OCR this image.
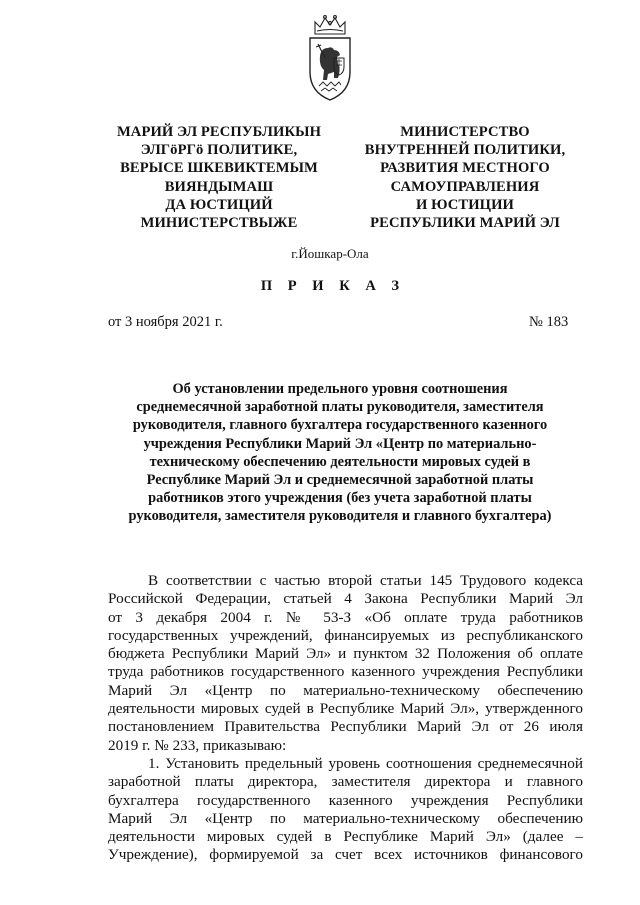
МАРИЙ ЭЛ РЕСПУБЛИКЫН
ЭЛГӧРГӧ ПОЛИТИКЕ,
ВЕРЫСЕ ШКЕВИКТЕМЫМ
ВИЯНДЫМАШ
ДА ЮСТИЦИЙ
МИНИСТЕРСТВЫЖЕ
МИНИСТЕРСТВО
ВНУТРЕННЕЙ ПОЛИТИКИ,
РАЗВИТИЯ МЕСТНОГО
САМОУПРАВЛЕНИЯ
И ЮСТИЦИИ
РЕСПУБЛИКИ МАРИЙ ЭЛ
г.Йошкар-Ола
П Р И К А З
от 3 ноября 2021 г.	№ 183
Об установлении предельного уровня соотношения
среднемесячной заработной платы руководителя, заместителя
руководителя, главного бухгалтера государственного казенного
учреждения Республики Марий Эл «Центр по материально-
техническому обеспечению деятельности мировых судей в
Республике Марий Эл и среднемесячной заработной платы
работников этого учреждения (без учета заработной платы
руководителя, заместителя руководителя и главного бухгалтера)
В соответствии с частью второй статьи 145 Трудового кодекса
Российской Федерации, статьей 4 Закона Республики Марий Эл
от 3 декабря 2004 г. № 53-З «Об оплате труда работников
государственных учреждений, финансируемых из республиканского
бюджета Республики Марий Эл» и пунктом 32 Положения об оплате
труда работников государственного казенного учреждения Республики
Марий Эл «Центр по материально-техническому обеспечению
деятельности мировых судей в Республике Марий Эл», утвержденного
постановлением Правительства Республики Марий Эл от 26 июля
2019 г. № 233, приказываю:
1. Установить предельный уровень соотношения среднемесячной
заработной платы директора, заместителя директора и главного
бухгалтера государственного казенного учреждения Республики
Марий Эл «Центр по материально-техническому обеспечению
деятельности мировых судей в Республике Марий Эл» (далее –
Учреждение), формируемой за счет всех источников финансового
